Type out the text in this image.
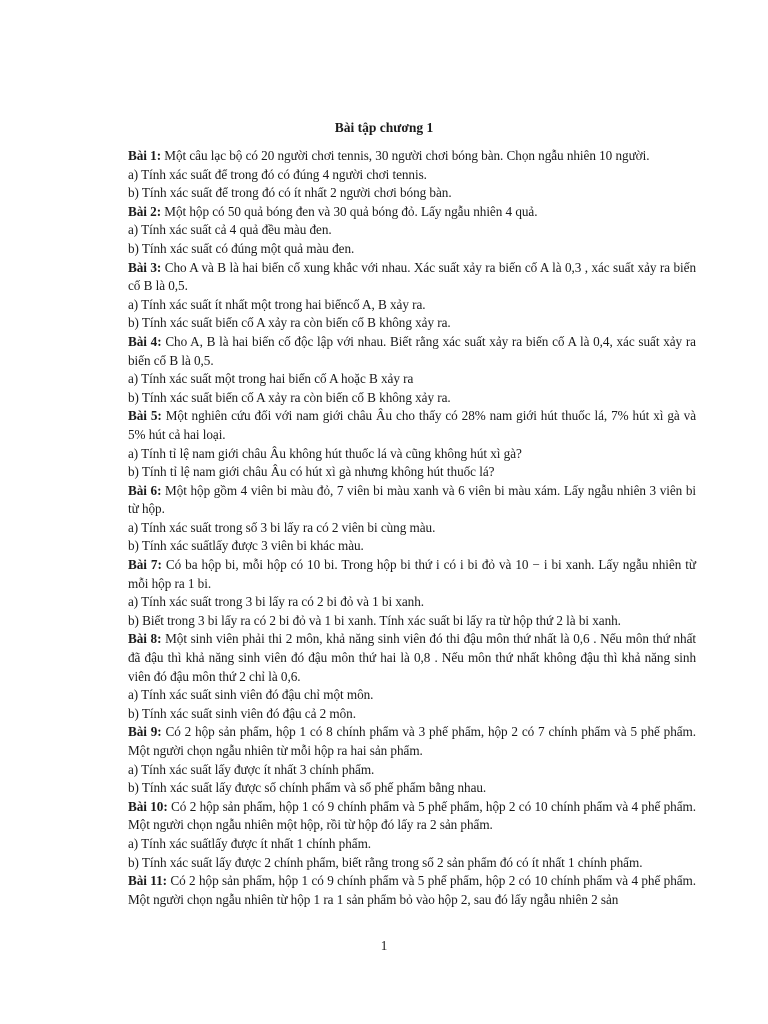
Bài tập chương 1

Bài 1: Một câu lạc bộ có 20 người chơi tennis, 30 người chơi bóng bàn. Chọn ngẫu nhiên 10 người.

a) Tính xác suất để trong đó có đúng 4 người chơi tennis.

b) Tính xác suất để trong đó có ít nhất 2 người chơi bóng bàn.

Bài 2: Một hộp có 50 quả bóng đen và 30 quả bóng đỏ. Lấy ngẫu nhiên 4 quả.

a) Tính xác suất cả 4 quả đều màu đen.

b) Tính xác suất có đúng một quả màu đen.

Bài 3: Cho A và B là hai biến cố xung khắc với nhau. Xác suất xảy ra biến cố A là 0,3 , xác suất xảy ra biến cố B là 0,5.

a) Tính xác suất ít nhất một trong hai biếncố A, B xảy ra.

b) Tính xác suất biến cố A xảy ra còn biến cố B không xảy ra.

Bài 4: Cho A, B là hai biến cố độc lập với nhau. Biết rằng xác suất xảy ra biến cố A là 0,4, xác suất xảy ra biến cố B là 0,5.

a) Tính xác suất một trong hai biến cố A hoặc B xảy ra

b) Tính xác suất biến cố A xảy ra còn biến cố B không xảy ra.

Bài 5: Một nghiên cứu đối với nam giới châu Âu cho thấy có 28% nam giới hút thuốc lá, 7% hút xì gà và 5% hút cả hai loại.

a) Tính tỉ lệ nam giới châu Âu không hút thuốc lá và cũng không hút xì gà?

b) Tính tỉ lệ nam giới châu Âu có hút xì gà nhưng không hút thuốc lá?

Bài 6: Một hộp gồm 4 viên bi màu đỏ, 7 viên bi màu xanh và 6 viên bi màu xám. Lấy ngẫu nhiên 3 viên bi từ hộp.

a) Tính xác suất trong số 3 bi lấy ra có 2 viên bi cùng màu.

b) Tính xác suấtlấy được 3 viên bi khác màu.

Bài 7: Có ba hộp bi, mỗi hộp có 10 bi. Trong hộp bi thứ i có i bi đỏ và 10 − i bi xanh. Lấy ngẫu nhiên từ mỗi hộp ra 1 bi.

a) Tính xác suất trong 3 bi lấy ra có 2 bi đỏ và 1 bi xanh.

b) Biết trong 3 bi lấy ra có 2 bi đỏ và 1 bi xanh. Tính xác suất bi lấy ra từ hộp thứ 2 là bi xanh.

Bài 8: Một sinh viên phải thi 2 môn, khả năng sinh viên đó thi đậu môn thứ nhất là 0,6 . Nếu môn thứ nhất đã đậu thì khả năng sinh viên đó đậu môn thứ hai là 0,8 . Nếu môn thứ nhất không đậu thì khả năng sinh viên đó đậu môn thứ 2 chỉ là 0,6.

a) Tính xác suất sinh viên đó đậu chỉ một môn.

b) Tính xác suất sinh viên đó đậu cả 2 môn.

Bài 9: Có 2 hộp sản phẩm, hộp 1 có 8 chính phẩm và 3 phế phẩm, hộp 2 có 7 chính phẩm và 5 phế phẩm. Một người chọn ngẫu nhiên từ mỗi hộp ra hai sản phẩm.

a) Tính xác suất lấy được ít nhất 3 chính phẩm.

b) Tính xác suất lấy được số chính phẩm và số phế phẩm bằng nhau.

Bài 10: Có 2 hộp sản phẩm, hộp 1 có 9 chính phẩm và 5 phế phẩm, hộp 2 có 10 chính phẩm và 4 phế phẩm. Một người chọn ngẫu nhiên một hộp, rồi từ hộp đó lấy ra 2 sản phẩm.

a) Tính xác suấtlấy được ít nhất 1 chính phẩm.

b) Tính xác suất lấy được 2 chính phẩm, biết rằng trong số 2 sản phẩm đó có ít nhất 1 chính phẩm.

Bài 11: Có 2 hộp sản phẩm, hộp 1 có 9 chính phẩm và 5 phế phẩm, hộp 2 có 10 chính phẩm và 4 phế phẩm. Một người chọn ngẫu nhiên từ hộp 1 ra 1 sản phẩm bỏ vào hộp 2, sau đó lấy ngẫu nhiên 2 sản

1
